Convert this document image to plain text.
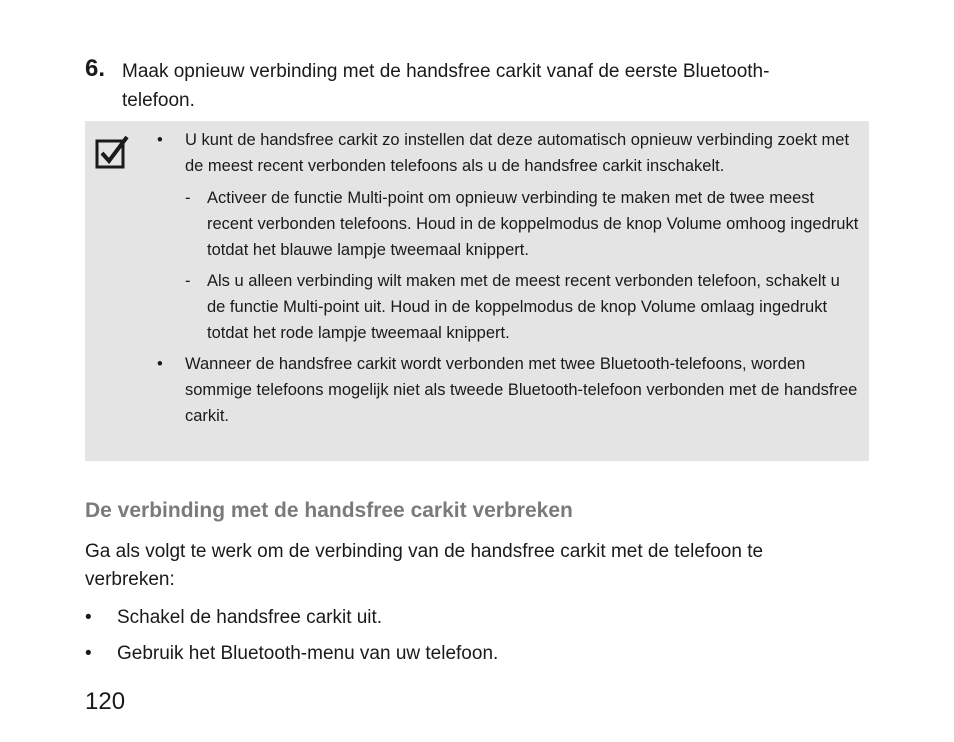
6. Maak opnieuw verbinding met de handsfree carkit vanaf de eerste Bluetooth-telefoon.
• U kunt de handsfree carkit zo instellen dat deze automatisch opnieuw verbinding zoekt met de meest recent verbonden telefoons als u de handsfree carkit inschakelt.
- Activeer de functie Multi-point om opnieuw verbinding te maken met de twee meest recent verbonden telefoons. Houd in de koppelmodus de knop Volume omhoog ingedrukt totdat het blauwe lampje tweemaal knippert.
- Als u alleen verbinding wilt maken met de meest recent verbonden telefoon, schakelt u de functie Multi-point uit. Houd in de koppelmodus de knop Volume omlaag ingedrukt totdat het rode lampje tweemaal knippert.
• Wanneer de handsfree carkit wordt verbonden met twee Bluetooth-telefoons, worden sommige telefoons mogelijk niet als tweede Bluetooth-telefoon verbonden met de handsfree carkit.
De verbinding met de handsfree carkit verbreken
Ga als volgt te werk om de verbinding van de handsfree carkit met de telefoon te verbreken:
• Schakel de handsfree carkit uit.
• Gebruik het Bluetooth-menu van uw telefoon.
120
